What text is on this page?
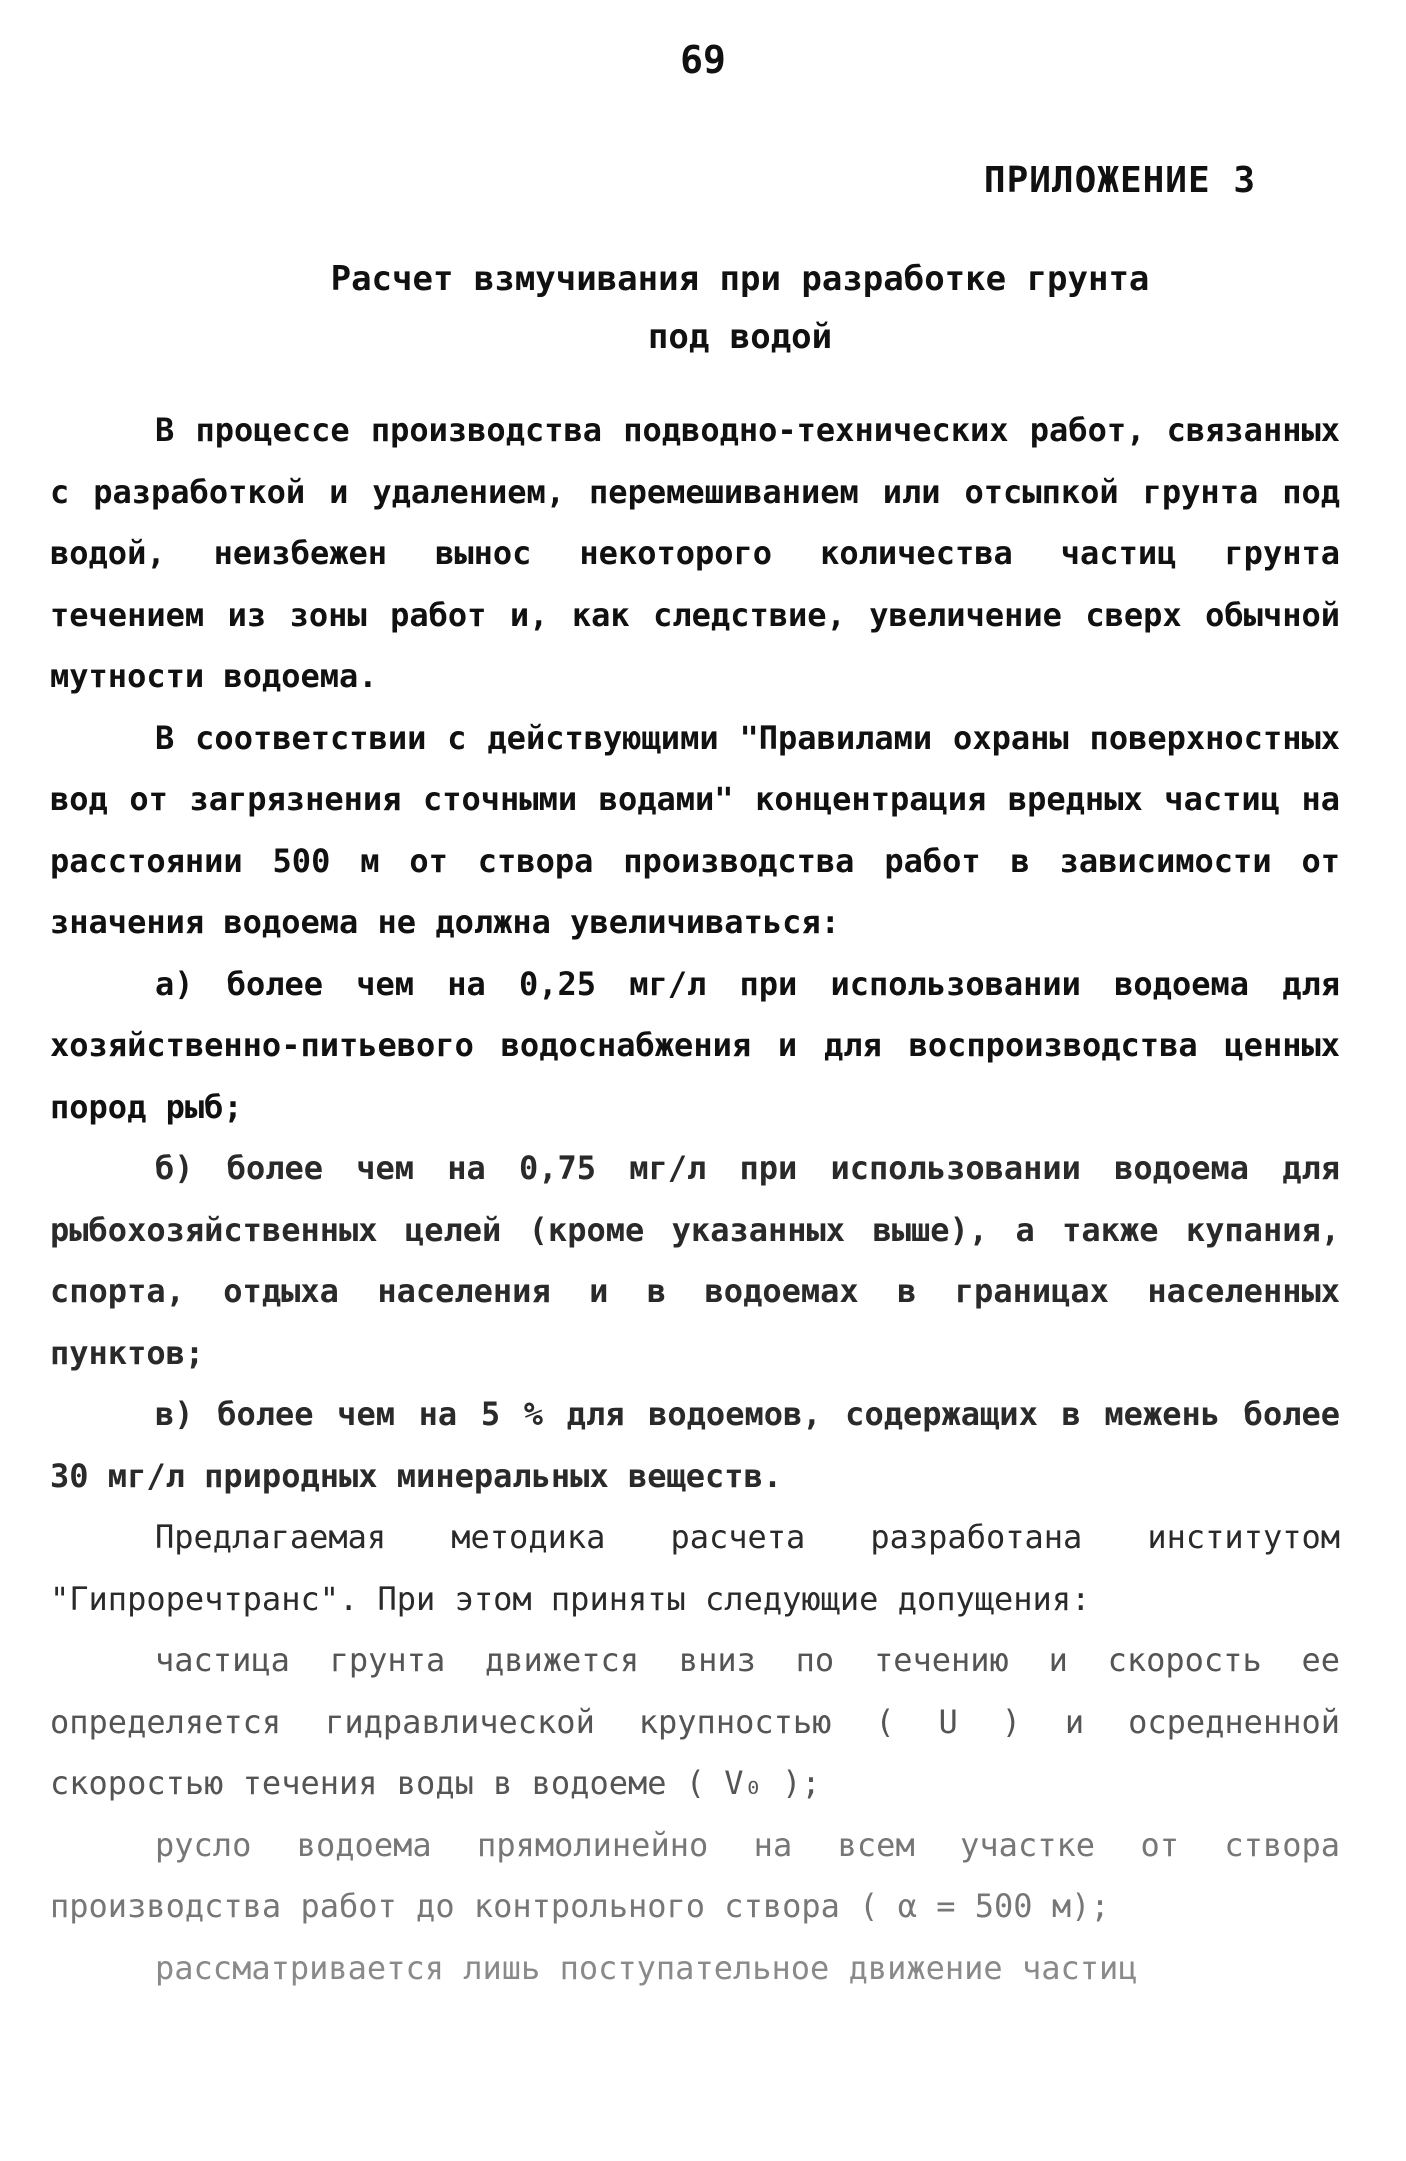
69
ПРИЛОЖЕНИЕ 3
Расчет взмучивания при разработке грунта
под водой

В процессе производства подводно-технических работ, связанных с разработкой и удалением, перемешиванием или отсыпкой грунта под водой, неизбежен вынос некоторого количества частиц грунта течением из зоны работ и, как следствие, увеличение сверх обычной мутности водоема.

В соответствии с действующими "Правилами охраны поверхностных вод от загрязнения сточными водами" концентрация вредных частиц на расстоянии 500 м от створа производства работ в зависимости от значения водоема не должна увеличиваться:

а) более чем на 0,25 мг/л при использовании водоема для хозяйственно-питьевого водоснабжения и для воспроизводства ценных пород рыб;

б) более чем на 0,75 мг/л при использовании водоема для рыбохозяйственных целей (кроме указанных выше), а также купания, спорта, отдыха населения и в водоемах в границах населенных пунктов;

в) более чем на 5 % для водоемов, содержащих в межень более 30 мг/л природных минеральных веществ.

Предлагаемая методика расчета разработана институтом "Гипроречтранс". При этом приняты следующие допущения:

частица грунта движется вниз по течению и скорость ее определяется гидравлической крупностью ( U ) и осредненной скоростью течения воды в водоеме ( V₀ );

русло водоема прямолинейно на всем участке от створа производства работ до контрольного створа ( α = 500 м);

рассматривается лишь поступательное движение частиц
